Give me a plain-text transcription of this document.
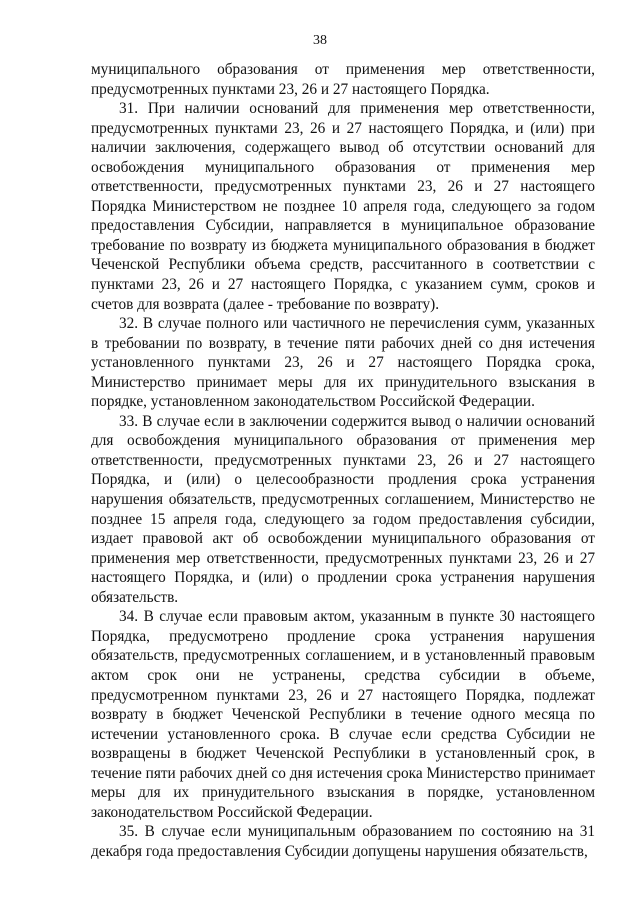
38

муниципального образования от применения мер ответственности, предусмотренных пунктами 23, 26 и 27 настоящего Порядка.

31. При наличии оснований для применения мер ответственности, предусмотренных пунктами 23, 26 и 27 настоящего Порядка, и (или) при наличии заключения, содержащего вывод об отсутствии оснований для освобождения муниципального образования от применения мер ответственности, предусмотренных пунктами 23, 26 и 27 настоящего Порядка Министерством не позднее 10 апреля года, следующего за годом предоставления Субсидии, направляется в муниципальное образование требование по возврату из бюджета муниципального образования в бюджет Чеченской Республики объема средств, рассчитанного в соответствии с пунктами 23, 26 и 27 настоящего Порядка, с указанием сумм, сроков и счетов для возврата (далее - требование по возврату).

32. В случае полного или частичного не перечисления сумм, указанных в требовании по возврату, в течение пяти рабочих дней со дня истечения установленного пунктами 23, 26 и 27 настоящего Порядка срока, Министерство принимает меры для их принудительного взыскания в порядке, установленном законодательством Российской Федерации.

33. В случае если в заключении содержится вывод о наличии оснований для освобождения муниципального образования от применения мер ответственности, предусмотренных пунктами 23, 26 и 27 настоящего Порядка, и (или) о целесообразности продления срока устранения нарушения обязательств, предусмотренных соглашением, Министерство не позднее 15 апреля года, следующего за годом предоставления субсидии, издает правовой акт об освобождении муниципального образования от применения мер ответственности, предусмотренных пунктами 23, 26 и 27 настоящего Порядка, и (или) о продлении срока устранения нарушения обязательств.

34. В случае если правовым актом, указанным в пункте 30 настоящего Порядка, предусмотрено продление срока устранения нарушения обязательств, предусмотренных соглашением, и в установленный правовым актом срок они не устранены, средства субсидии в объеме, предусмотренном пунктами 23, 26 и 27 настоящего Порядка, подлежат возврату в бюджет Чеченской Республики в течение одного месяца по истечении установленного срока. В случае если средства Субсидии не возвращены в бюджет Чеченской Республики в установленный срок, в течение пяти рабочих дней со дня истечения срока Министерство принимает меры для их принудительного взыскания в порядке, установленном законодательством Российской Федерации.

35. В случае если муниципальным образованием по состоянию на 31 декабря года предоставления Субсидии допущены нарушения обязательств,
